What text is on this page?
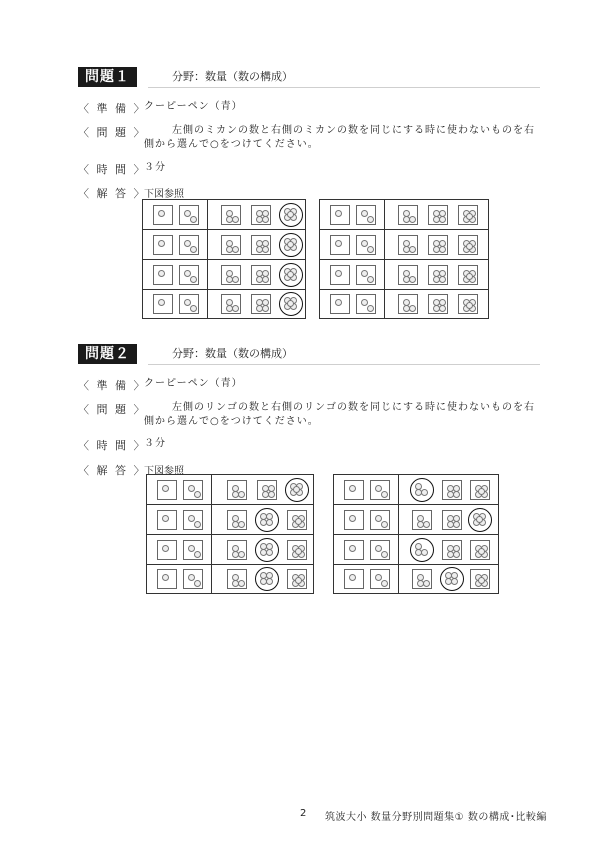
問題１	分野：数量（数の構成）
〈 準 備 〉
クーピーペン（青）
〈 問 題 〉	左側のミカンの数と右側のミカンの数を同じにする時に使わないものを右側から選んで○をつけてください。
〈 時 間 〉
３分
〈 解 答 〉
下図参照
問題２	分野：数量（数の構成）
〈 準 備 〉
クーピーペン（青）
〈 問 題 〉	左側のリンゴの数と右側のリンゴの数を同じにする時に使わないものを右側から選んで○をつけてください。
〈 時 間 〉
３分
〈 解 答 〉
下図参照
2 筑波大小 数量分野別問題集① 数の構成･比較編
